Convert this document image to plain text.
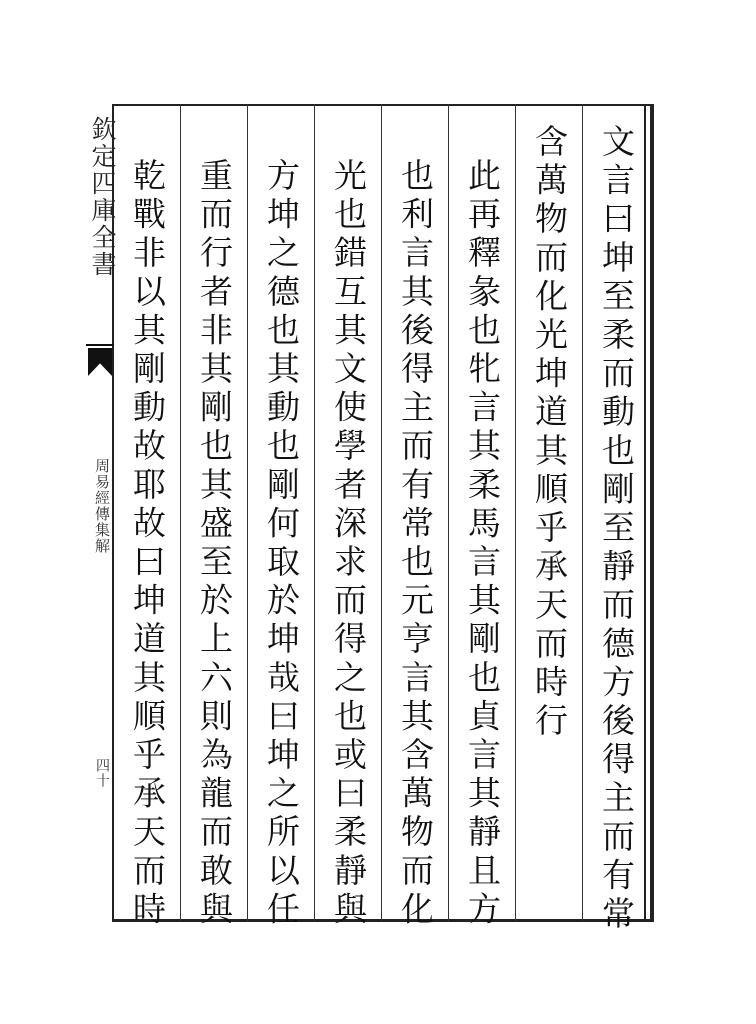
文言曰坤至柔而動也剛至靜而德方後得主而有常
含萬物而化光坤道其順乎承天而時行
此再釋彖也牝言其柔馬言其剛也貞言其靜且方
也利言其後得主而有常也元亨言其含萬物而化
光也錯互其文使學者深求而得之也或曰柔靜與
方坤之德也其動也剛何取於坤哉曰坤之所以任
重而行者非其剛也其盛至於上六則為龍而敢與
乾戰非以其剛動故耶故曰坤道其順乎承天而時
欽定四庫全書
周易經傳集解
四十
